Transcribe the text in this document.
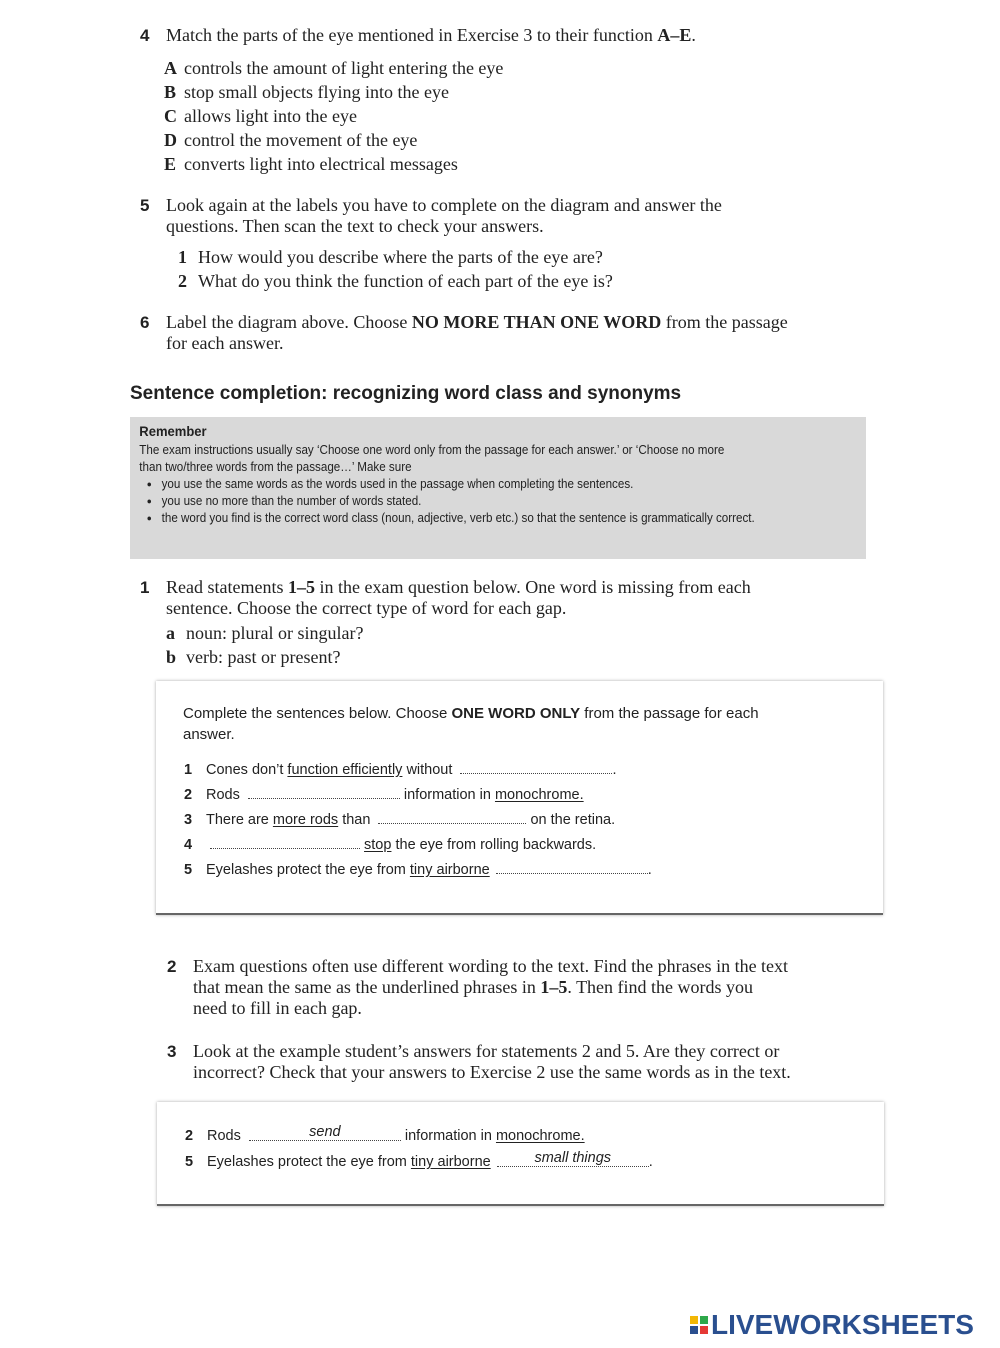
4 Match the parts of the eye mentioned in Exercise 3 to their function A–E.
A controls the amount of light entering the eye
B stop small objects flying into the eye
C allows light into the eye
D control the movement of the eye
E converts light into electrical messages
5 Look again at the labels you have to complete on the diagram and answer the
questions. Then scan the text to check your answers.
1 How would you describe where the parts of the eye are?
2 What do you think the function of each part of the eye is?
6 Label the diagram above. Choose NO MORE THAN ONE WORD from the passage
for each answer.
Sentence completion: recognizing word class and synonyms
Remember
The exam instructions usually say ‘Choose one word only from the passage for each answer.’ or ‘Choose no more
than two/three words from the passage…’ Make sure
● you use the same words as the words used in the passage when completing the sentences.
● you use no more than the number of words stated.
● the word you find is the correct word class (noun, adjective, verb etc.) so that the sentence is grammatically correct.
1 Read statements 1–5 in the exam question below. One word is missing from each
sentence. Choose the correct type of word for each gap.
a noun: plural or singular?
b verb: past or present?
Complete the sentences below. Choose ONE WORD ONLY from the passage for each
answer.
1 Cones don’t function efficiently without	.
2 Rods	information in monochrome.
3 There are more rods than	on the retina.
4	stop the eye from rolling backwards.
5 Eyelashes protect the eye from tiny airborne	.
2 Exam questions often use different wording to the text. Find the phrases in the text
that mean the same as the underlined phrases in 1–5. Then find the words you
need to fill in each gap.
3 Look at the example student’s answers for statements 2 and 5. Are they correct or
incorrect? Check that your answers to Exercise 2 use the same words as in the text.
2 Rods	send	information in monochrome.
5 Eyelashes protect the eye from tiny airborne	small things	.
LIVEWORKSHEETS
